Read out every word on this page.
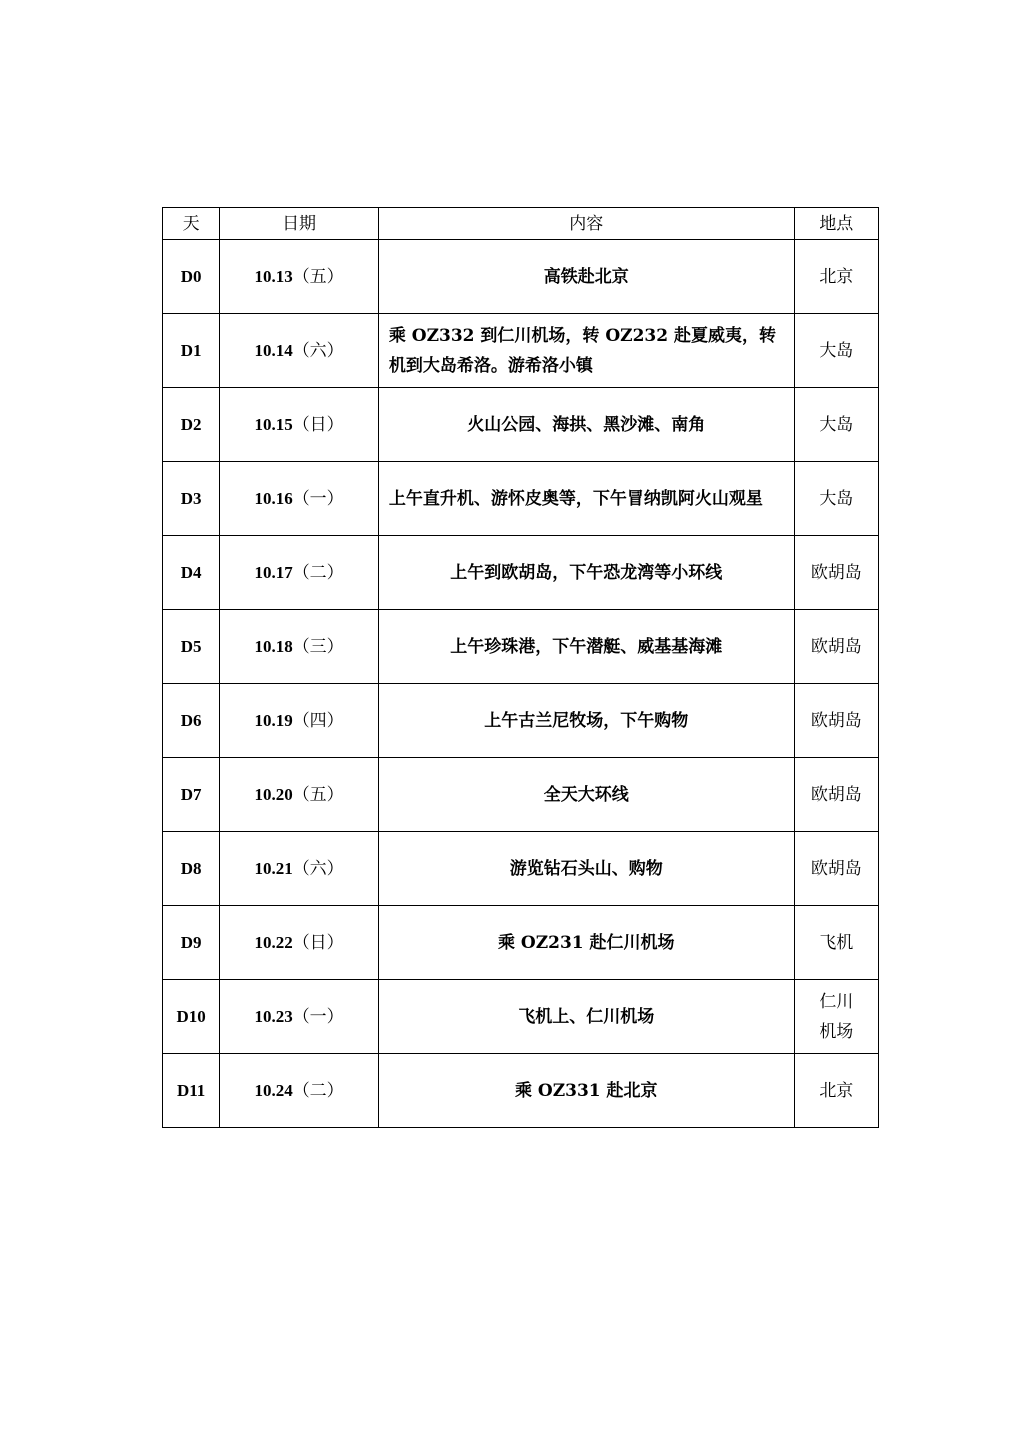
天	日期	内容	地点
D0	10.13（五）	高铁赴北京	北京

D1	10.14（六）	乘 OZ332 到仁川机场，转 OZ232 赴夏威夷，转机到大岛希洛。游希洛小镇	大岛

D2	10.15（日）	火山公园、海拱、黑沙滩、南角	大岛

D3	10.16（一）	上午直升机、游怀皮奥等，下午冒纳凯阿火山观星	大岛

D4	10.17（二）	上午到欧胡岛，下午恐龙湾等小环线	欧胡岛

D5	10.18（三）	上午珍珠港，下午潜艇、威基基海滩	欧胡岛

D6	10.19（四）	上午古兰尼牧场，下午购物	欧胡岛

D7	10.20（五）	全天大环线	欧胡岛

D8	10.21（六）	游览钻石头山、购物	欧胡岛

D9	10.22（日）	乘 OZ231 赴仁川机场	飞机

D10	10.23（一）	飞机上、仁川机场	仁川
机场

D11	10.24（二）	乘 OZ331 赴北京	北京
